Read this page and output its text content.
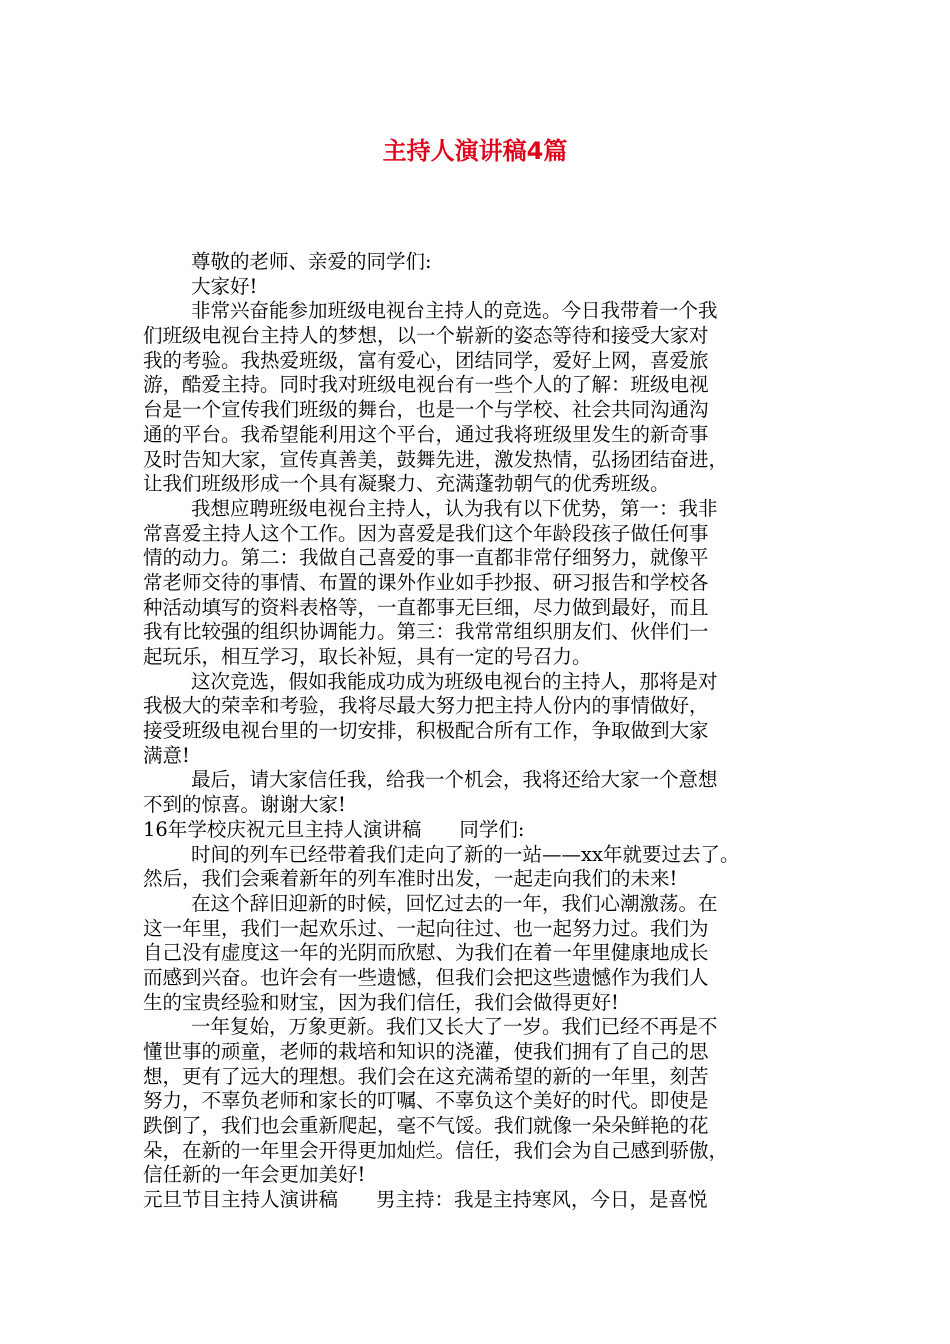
主持人演讲稿4篇
尊敬的老师、亲爱的同学们:
大家好!
非常兴奋能参加班级电视台主持人的竞选。今日我带着一个我
们班级电视台主持人的梦想，以一个崭新的姿态等待和接受大家对
我的考验。我热爱班级，富有爱心，团结同学，爱好上网，喜爱旅
游，酷爱主持。同时我对班级电视台有一些个人的了解：班级电视
台是一个宣传我们班级的舞台，也是一个与学校、社会共同沟通沟
通的平台。我希望能利用这个平台，通过我将班级里发生的新奇事
及时告知大家，宣传真善美，鼓舞先进，激发热情，弘扬团结奋进，
让我们班级形成一个具有凝聚力、充满蓬勃朝气的优秀班级。
我想应聘班级电视台主持人，认为我有以下优势，第一：我非
常喜爱主持人这个工作。因为喜爱是我们这个年龄段孩子做任何事
情的动力。第二：我做自己喜爱的事一直都非常仔细努力，就像平
常老师交待的事情、布置的课外作业如手抄报、研习报告和学校各
种活动填写的资料表格等，一直都事无巨细，尽力做到最好，而且
我有比较强的组织协调能力。第三：我常常组织朋友们、伙伴们一
起玩乐，相互学习，取长补短，具有一定的号召力。
这次竞选，假如我能成功成为班级电视台的主持人，那将是对
我极大的荣幸和考验，我将尽最大努力把主持人份内的事情做好，
接受班级电视台里的一切安排，积极配合所有工作，争取做到大家
满意!
最后，请大家信任我，给我一个机会，我将还给大家一个意想
不到的惊喜。谢谢大家!
16年学校庆祝元旦主持人演讲稿 同学们:
时间的列车已经带着我们走向了新的一站——xx年就要过去了。
然后，我们会乘着新年的列车准时出发，一起走向我们的未来!
在这个辞旧迎新的时候，回忆过去的一年，我们心潮激荡。在
这一年里，我们一起欢乐过、一起向往过、也一起努力过。我们为
自己没有虚度这一年的光阴而欣慰、为我们在着一年里健康地成长
而感到兴奋。也许会有一些遗憾，但我们会把这些遗憾作为我们人
生的宝贵经验和财宝，因为我们信任，我们会做得更好!
一年复始，万象更新。我们又长大了一岁。我们已经不再是不
懂世事的顽童，老师的栽培和知识的浇灌，使我们拥有了自己的思
想，更有了远大的理想。我们会在这充满希望的新的一年里，刻苦
努力，不辜负老师和家长的叮嘱、不辜负这个美好的时代。即使是
跌倒了，我们也会重新爬起，毫不气馁。我们就像一朵朵鲜艳的花
朵，在新的一年里会开得更加灿烂。信任，我们会为自己感到骄傲，
信任新的一年会更加美好!
元旦节目主持人演讲稿 男主持：我是主持寒风，今日，是喜悦
